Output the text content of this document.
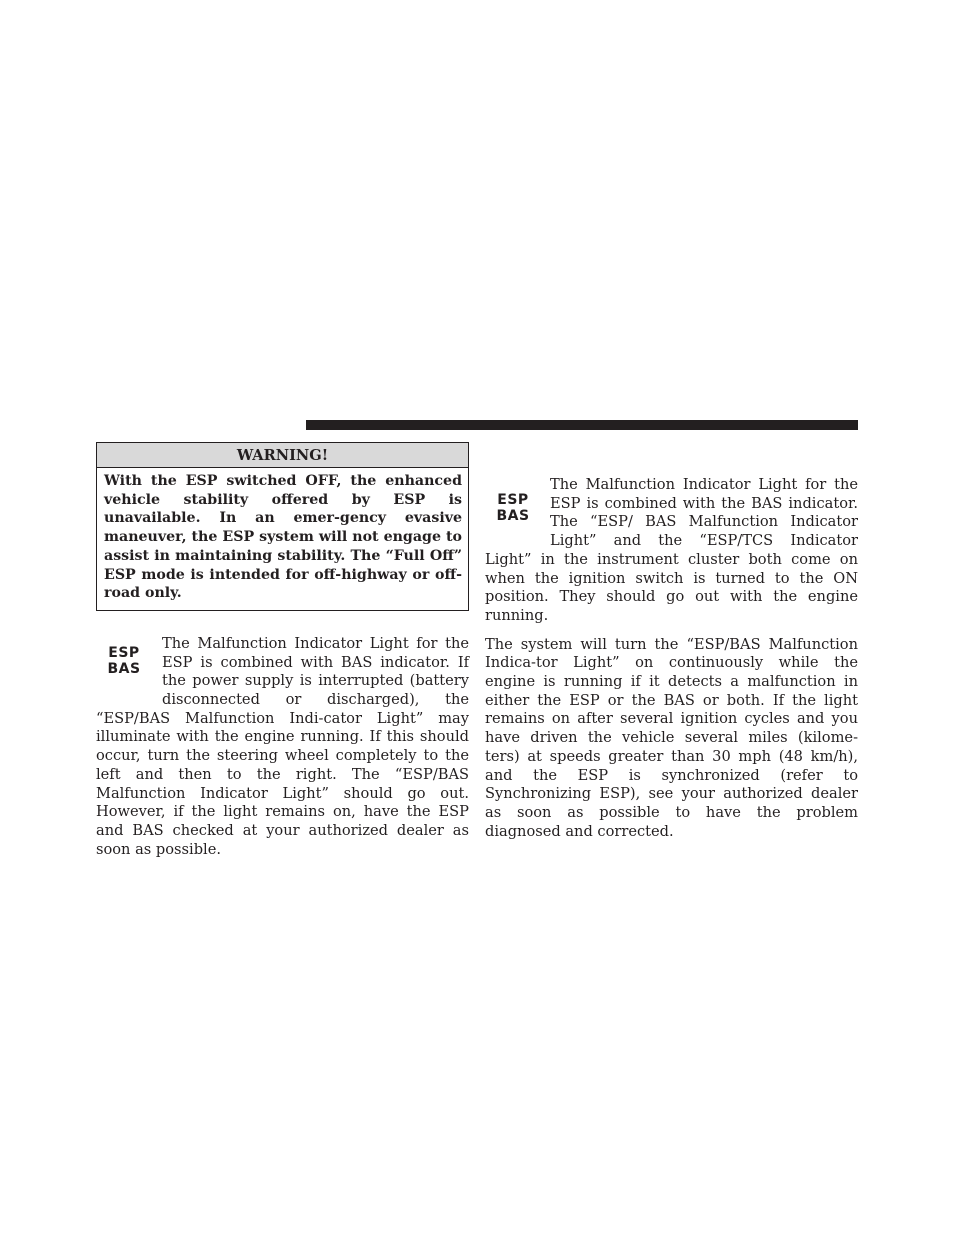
WARNING!
With the ESP switched OFF, the enhanced vehicle stability offered by ESP is unavailable. In an emer-gency evasive maneuver, the ESP system will not engage to assist in maintaining stability. The “Full Off” ESP mode is intended for off-highway or off-road only.
ESP
BAS
The Malfunction Indicator Light for the ESP is combined with BAS indicator. If the power supply is interrupted (battery disconnected or discharged), the “ESP/BAS Malfunction Indi-cator Light” may illuminate with the engine running. If this should occur, turn the steering wheel completely to the left and then to the right. The “ESP/BAS Malfunction Indicator Light” should go out. However, if the light remains on, have the ESP and BAS checked at your authorized dealer as soon as possible.
ESP
BAS
The Malfunction Indicator Light for the ESP is combined with the BAS indicator. The “ESP/ BAS Malfunction Indicator Light” and the “ESP/TCS Indicator Light” in the instrument cluster both come on when the ignition switch is turned to the ON position. They should go out with the engine running.

The system will turn the “ESP/BAS Malfunction Indica-tor Light” on continuously while the engine is running if it detects a malfunction in either the ESP or the BAS or both. If the light remains on after several ignition cycles and you have driven the vehicle several miles (kilome-ters) at speeds greater than 30 mph (48 km/h), and the ESP is synchronized (refer to Synchronizing ESP), see your authorized dealer as soon as possible to have the problem diagnosed and corrected.
